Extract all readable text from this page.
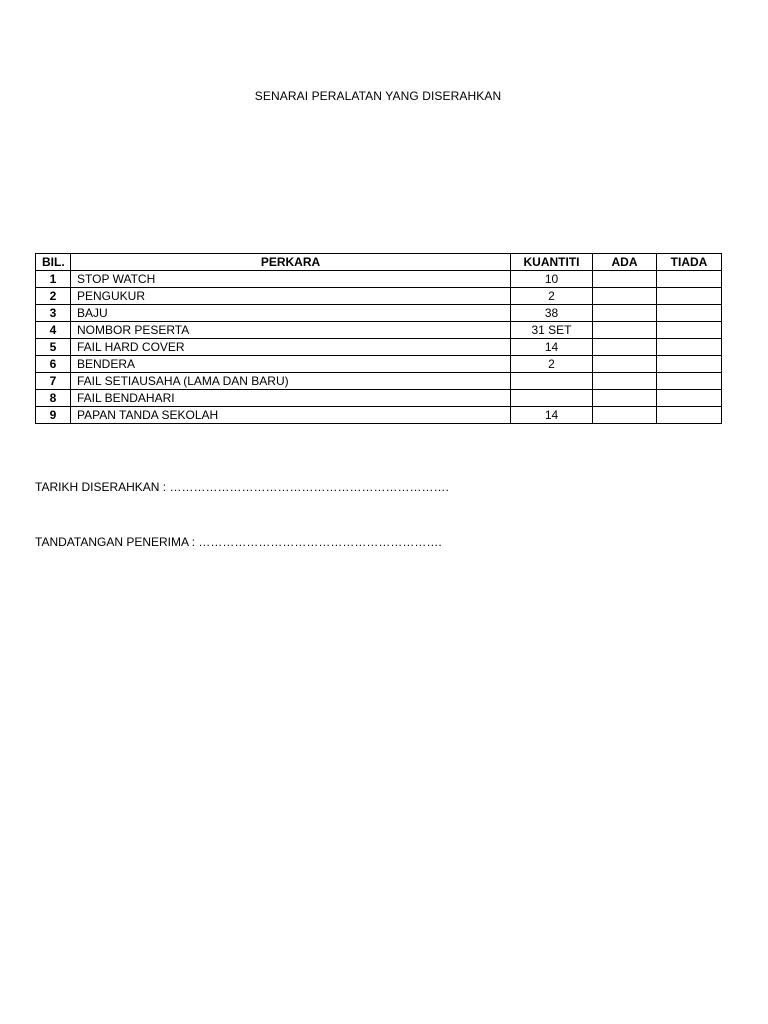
SENARAI PERALATAN YANG DISERAHKAN
BIL.	PERKARA	KUANTITI	ADA	TIADA
1	STOP WATCH	10		
2	PENGUKUR	2		
3	BAJU	38		
4	NOMBOR PESERTA	31 SET		
5	FAIL HARD COVER	14		
6	BENDERA	2		
7	FAIL SETIAUSAHA (LAMA DAN BARU)			
8	FAIL BENDAHARI			
9	PAPAN TANDA SEKOLAH	14		
TARIKH DISERAHKAN : …………………………………………………………….
TANDATANGAN PENERIMA : …………………………………………………….
